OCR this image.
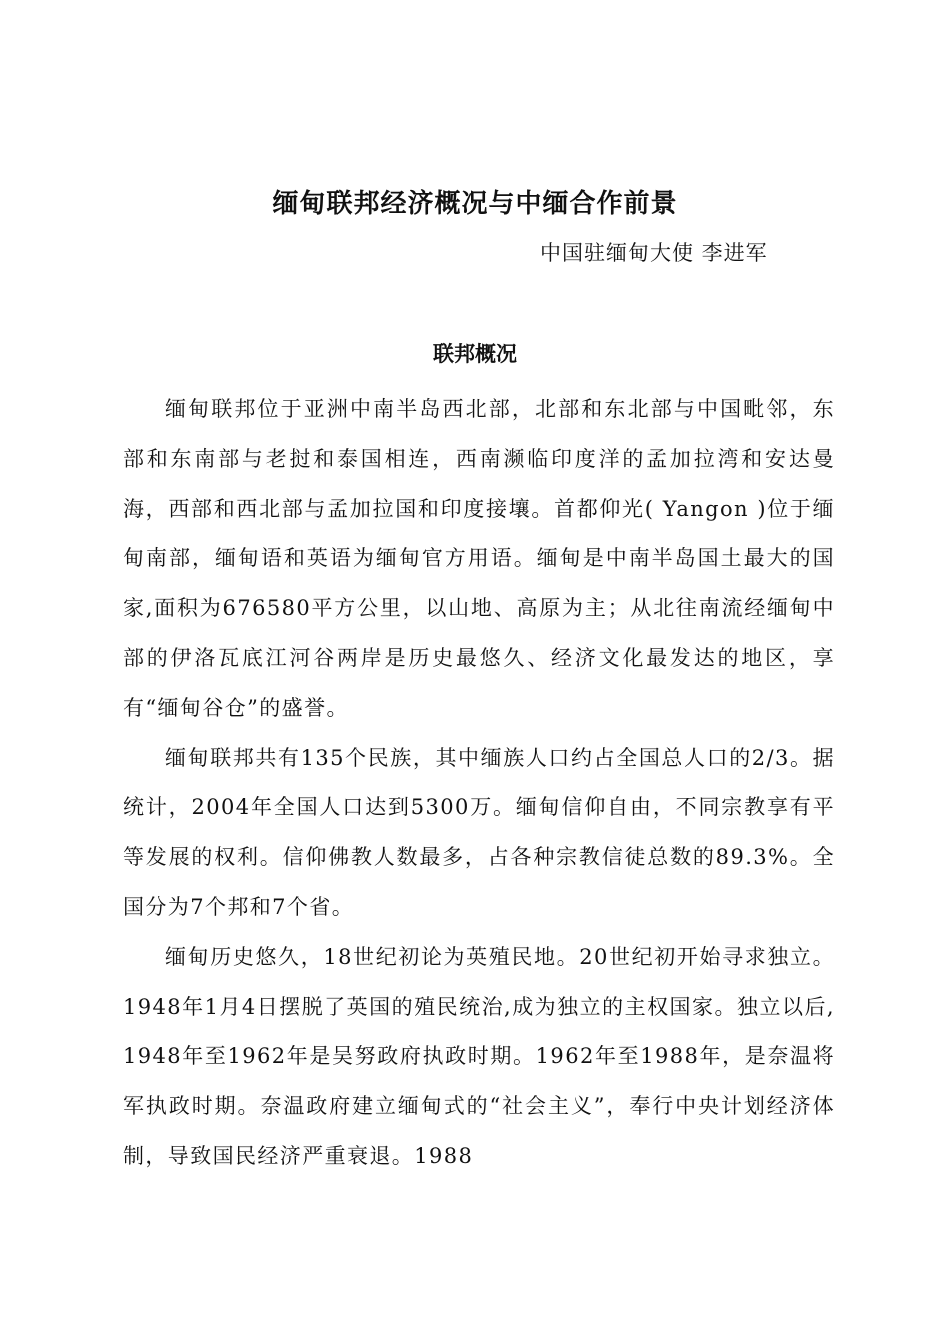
缅甸联邦经济概况与中缅合作前景
中国驻缅甸大使 李进军
联邦概况

缅甸联邦位于亚洲中南半岛西北部，北部和东北部与中国毗邻，东部和东南部与老挝和泰国相连，西南濒临印度洋的孟加拉湾和安达曼海，西部和西北部与孟加拉国和印度接壤。首都仰光( Yangon )位于缅甸南部，缅甸语和英语为缅甸官方用语。缅甸是中南半岛国土最大的国家,面积为676580平方公里，以山地、高原为主；从北往南流经缅甸中部的伊洛瓦底江河谷两岸是历史最悠久、经济文化最发达的地区，享有“缅甸谷仓”的盛誉。

缅甸联邦共有135个民族，其中缅族人口约占全国总人口的2/3。据统计，2004年全国人口达到5300万。缅甸信仰自由，不同宗教享有平等发展的权利。信仰佛教人数最多，占各种宗教信徒总数的89.3%。全国分为7个邦和7个省。

缅甸历史悠久，18世纪初论为英殖民地。20世纪初开始寻求独立。1948年1月4日摆脱了英国的殖民统治,成为独立的主权国家。独立以后,1948年至1962年是吴努政府执政时期。1962年至1988年，是奈温将军执政时期。奈温政府建立缅甸式的“社会主义”，奉行中央计划经济体制，导致国民经济严重衰退。1988
